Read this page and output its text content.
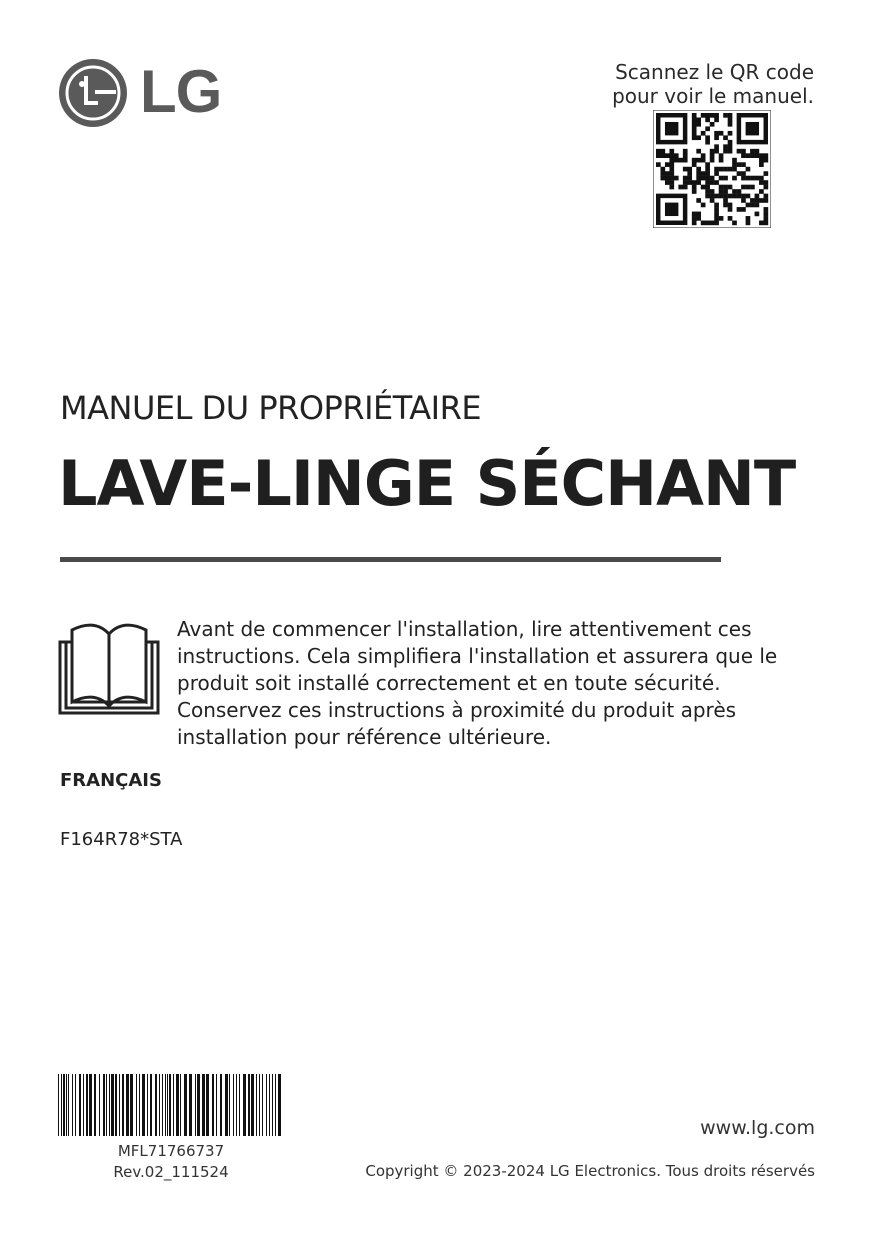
LG	Scannez le QR code
pour voir le manuel.
MANUEL DU PROPRIÉTAIRE
LAVE-LINGE SÉCHANT
Avant de commencer l'installation, lire attentivement ces
instructions. Cela simplifiera l'installation et assurera que le
produit soit installé correctement et en toute sécurité.
Conservez ces instructions à proximité du produit après
installation pour référence ultérieure.
FRANÇAIS
F164R78*STA
MFL71766737
Rev.02_111524
www.lg.com
Copyright © 2023-2024 LG Electronics. Tous droits réservés
